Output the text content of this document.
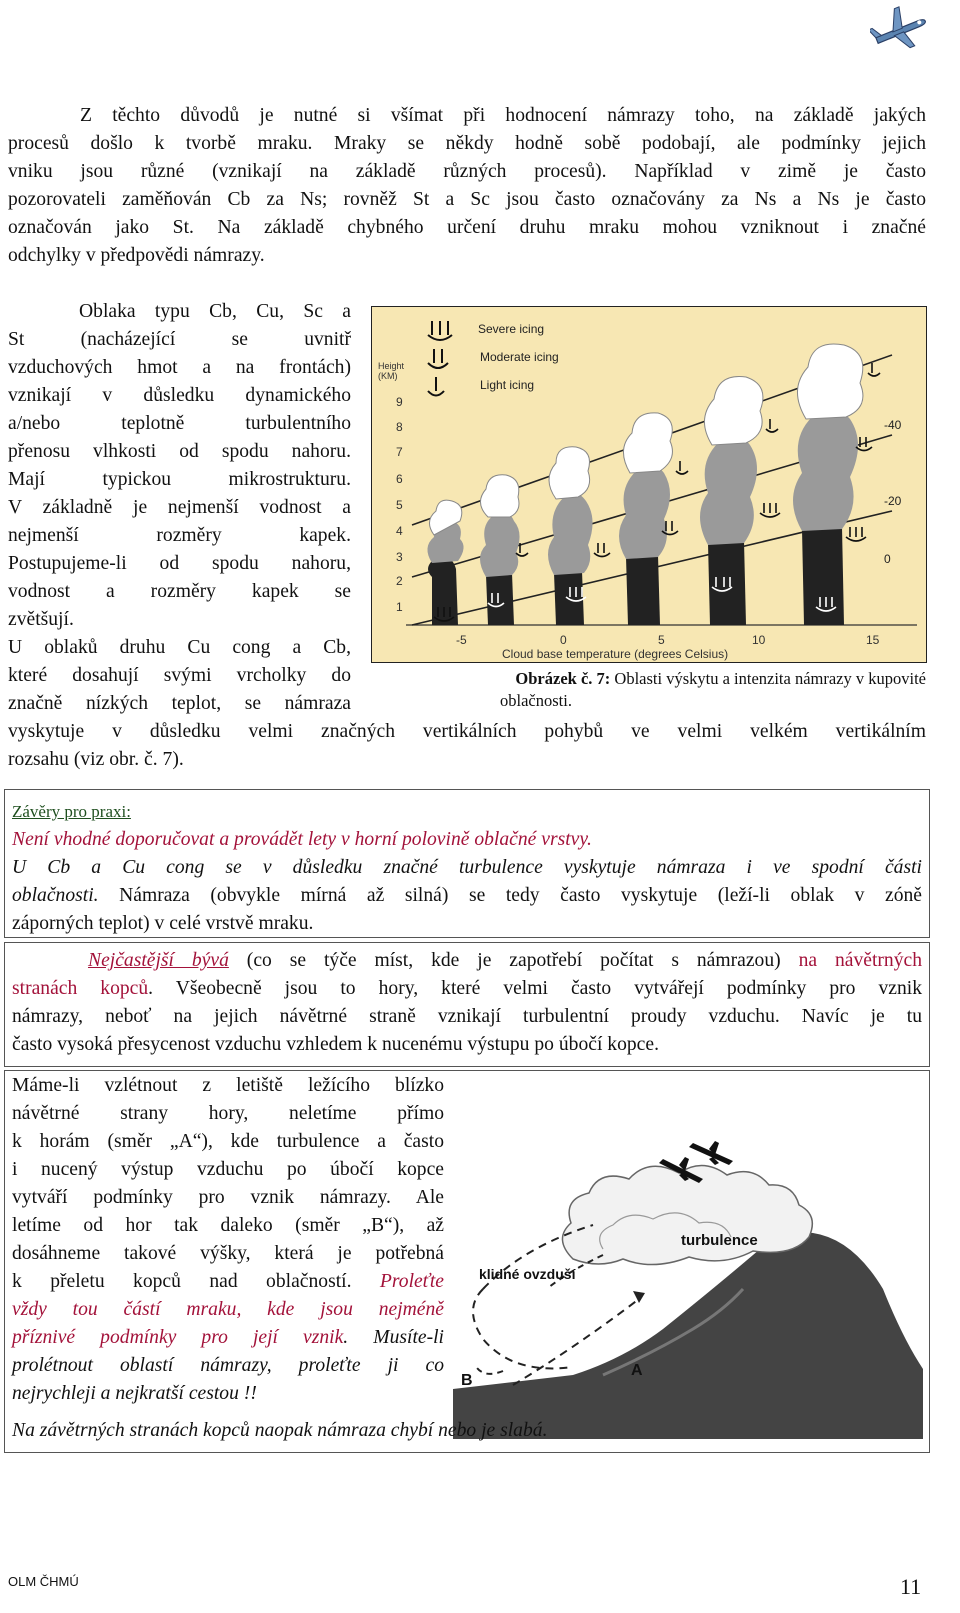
Z těchto důvodů je nutné si všímat při hodnocení námrazy toho, na základě jakých
procesů došlo k tvorbě mraku. Mraky se někdy hodně sobě podobají, ale podmínky jejich
vniku jsou různé (vznikají na základě různých procesů). Například v zimě je často
pozorovateli zaměňován Cb za Ns; rovněž St a Sc jsou často označovány za Ns a Ns je často
označován jako St. Na základě chybného určení druhu mraku mohou vzniknout i značné
odchylky v předpovědi námrazy.
Oblaka typu Cb, Cu, Sc a
St (nacházející se uvnitř
vzduchových hmot a na frontách)
vznikají v důsledku dynamického
a/nebo teplotně turbulentního
přenosu vlhkosti od spodu nahoru.
Mají typickou mikrostrukturu.
V základně je nejmenší vodnost a
nejmenší rozměry kapek.
Postupujeme-li od spodu nahoru,
vodnost a rozměry kapek se
zvětšují.
U oblaků druhu Cu cong a Cb,
které dosahují svými vrcholky do
značně nízkých teplot, se námraza
vyskytuje v důsledku velmi značných vertikálních pohybů ve velmi velkém vertikálním
rozsahu (viz obr. č. 7).
Severe icing
Moderate icing
Light icing
Height
(KM)
9
8
7
6
5
4
3
2
1
-5	0	5	10	15
Cloud base temperature (degrees Celsius)
-40
-20
0
Obrázek č. 7: Oblasti výskytu a intenzita námrazy v kupovité
oblačnosti.
Závěry pro praxi:
Není vhodné doporučovat a provádět lety v horní polovině oblačné vrstvy.
U Cb a Cu cong se v důsledku značné turbulence vyskytuje námraza i ve spodní části
oblačnosti. Námraza (obvykle mírná až silná) se tedy často vyskytuje (leží-li oblak v zóně
záporných teplot) v celé vrstvě mraku.
Nejčastější bývá (co se týče míst, kde je zapotřebí počítat s námrazou) na návětrných
stranách kopců. Všeobecně jsou to hory, které velmi často vytvářejí podmínky pro vznik
námrazy, neboť na jejich návětrné straně vznikají turbulentní proudy vzduchu. Navíc je tu
často vysoká přesycenost vzduchu vzhledem k nucenému výstupu po úbočí kopce.
Máme-li vzlétnout z letiště ležícího blízko
návětrné strany hory, neletíme přímo
k horám (směr „A“), kde turbulence a často
i nucený výstup vzduchu po úbočí kopce
vytváří podmínky pro vznik námrazy. Ale
letíme od hor tak daleko (směr „B“), až
dosáhneme takové výšky, která je potřebná
k přeletu kopců nad oblačností. Proleťte
vždy tou částí mraku, kde jsou nejméně
příznivé podmínky pro její vznik. Musíte-li
prolétnout oblastí námrazy, proleťte ji co
nejrychleji a nejkratší cestou !!
turbulence
klidné ovzduší
A
B
Na závětrných stranách kopců naopak námraza chybí nebo je slabá.
OLM ČHMÚ	11
